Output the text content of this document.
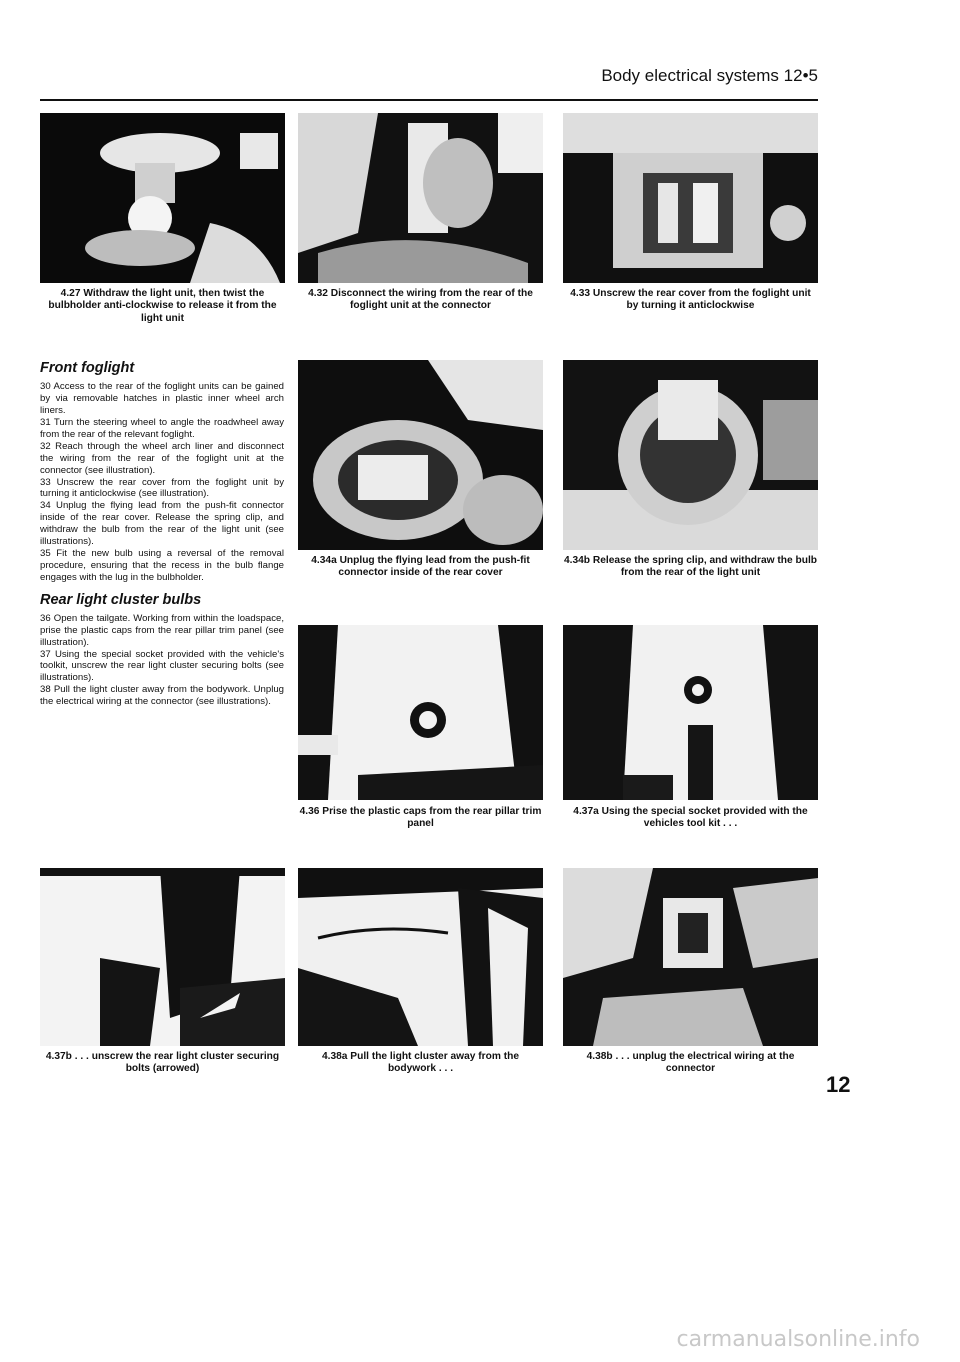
Body electrical systems 12•5
4.27 Withdraw the light unit, then twist the bulbholder anti-clockwise to release it from the light unit
4.32 Disconnect the wiring from the rear of the foglight unit at the connector
4.33 Unscrew the rear cover from the foglight unit by turning it anticlockwise
Front foglight

30 Access to the rear of the foglight units can be gained by via removable hatches in plastic inner wheel arch liners.

31 Turn the steering wheel to angle the roadwheel away from the rear of the relevant foglight.

32 Reach through the wheel arch liner and disconnect the wiring from the rear of the foglight unit at the connector (see illustration).

33 Unscrew the rear cover from the foglight unit by turning it anticlockwise (see illustration).

34 Unplug the flying lead from the push-fit connector inside of the rear cover. Release the spring clip, and withdraw the bulb from the rear of the light unit (see illustrations).

35 Fit the new bulb using a reversal of the removal procedure, ensuring that the recess in the bulb flange engages with the lug in the bulbholder.

Rear light cluster bulbs

36 Open the tailgate. Working from within the loadspace, prise the plastic caps from the rear pillar trim panel (see illustration).

37 Using the special socket provided with the vehicle's toolkit, unscrew the rear light cluster securing bolts (see illustrations).

38 Pull the light cluster away from the bodywork. Unplug the electrical wiring at the connector (see illustrations).

4.34a Unplug the flying lead from the push-fit connector inside of the rear cover
4.34b Release the spring clip, and withdraw the bulb from the rear of the light unit
4.36 Prise the plastic caps from the rear pillar trim panel
4.37a Using the special socket provided with the vehicles tool kit . . .
4.37b . . . unscrew the rear light cluster securing bolts (arrowed)
4.38a Pull the light cluster away from the bodywork . . .
4.38b . . . unplug the electrical wiring at the connector
12
carmanualsonline.info
